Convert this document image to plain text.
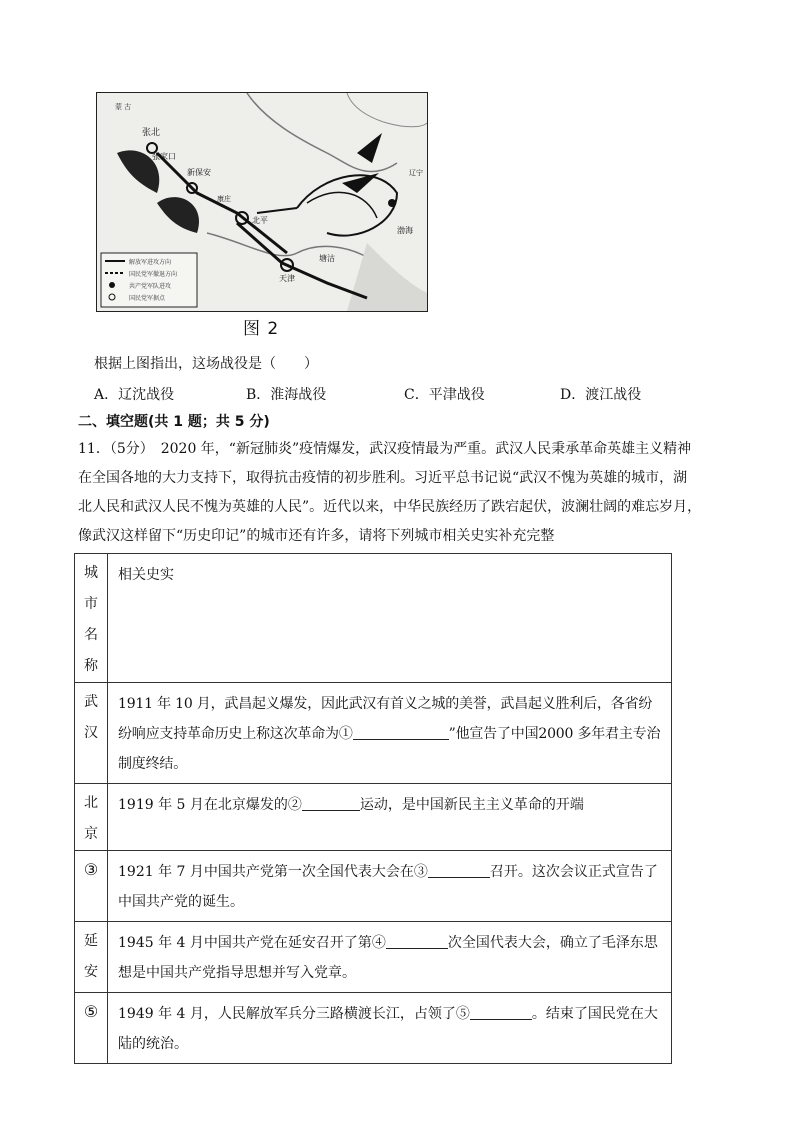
解放军进攻方向
国民党军撤退方向
共产党军队进攻
国民党军据点
蒙 古
张北
张家口
新保安
康庄
北平
天津
塘沽
渤海
辽宁
图 2
根据上图指出，这场战役是（　　）
A．辽沈战役	B．淮海战役	C．平津战役	D．渡江战役
二、填空题(共 1 题；共 5 分)
11．（5分）　2020 年，“新冠肺炎”疫情爆发，武汉疫情最为严重。武汉人民秉承革命英雄主义精神
在全国各地的大力支持下，取得抗击疫情的初步胜利。习近平总书记说“武汉不愧为英雄的城市，湖
北人民和武汉人民不愧为英雄的人民”。近代以来，中华民族经历了跌宕起伏，波澜壮阔的难忘岁月，
像武汉这样留下“历史印记”的城市还有许多，请将下列城市相关史实补充完整
城
市
名
称	相关史实

武
汉	1911 年 10 月，武昌起义爆发，因此武汉有首义之城的美誉，武昌起义胜利后，各省纷纷响应支持革命历史上称这次革命为① ”他宣告了中国2000 多年君主专治制度终结。

北
京	1919 年 5 月在北京爆发的② 运动，是中国新民主主义革命的开端
③	1921 年 7 月中国共产党第一次全国代表大会在③ 召开。这次会议正式宣告了中国共产党的诞生。

延
安	1945 年 4 月中国共产党在延安召开了第④ 次全国代表大会，确立了毛泽东思想是中国共产党指导思想并写入党章。
⑤	1949 年 4 月，人民解放军兵分三路横渡长江，占领了⑤ 。结束了国民党在大陆的统治。
